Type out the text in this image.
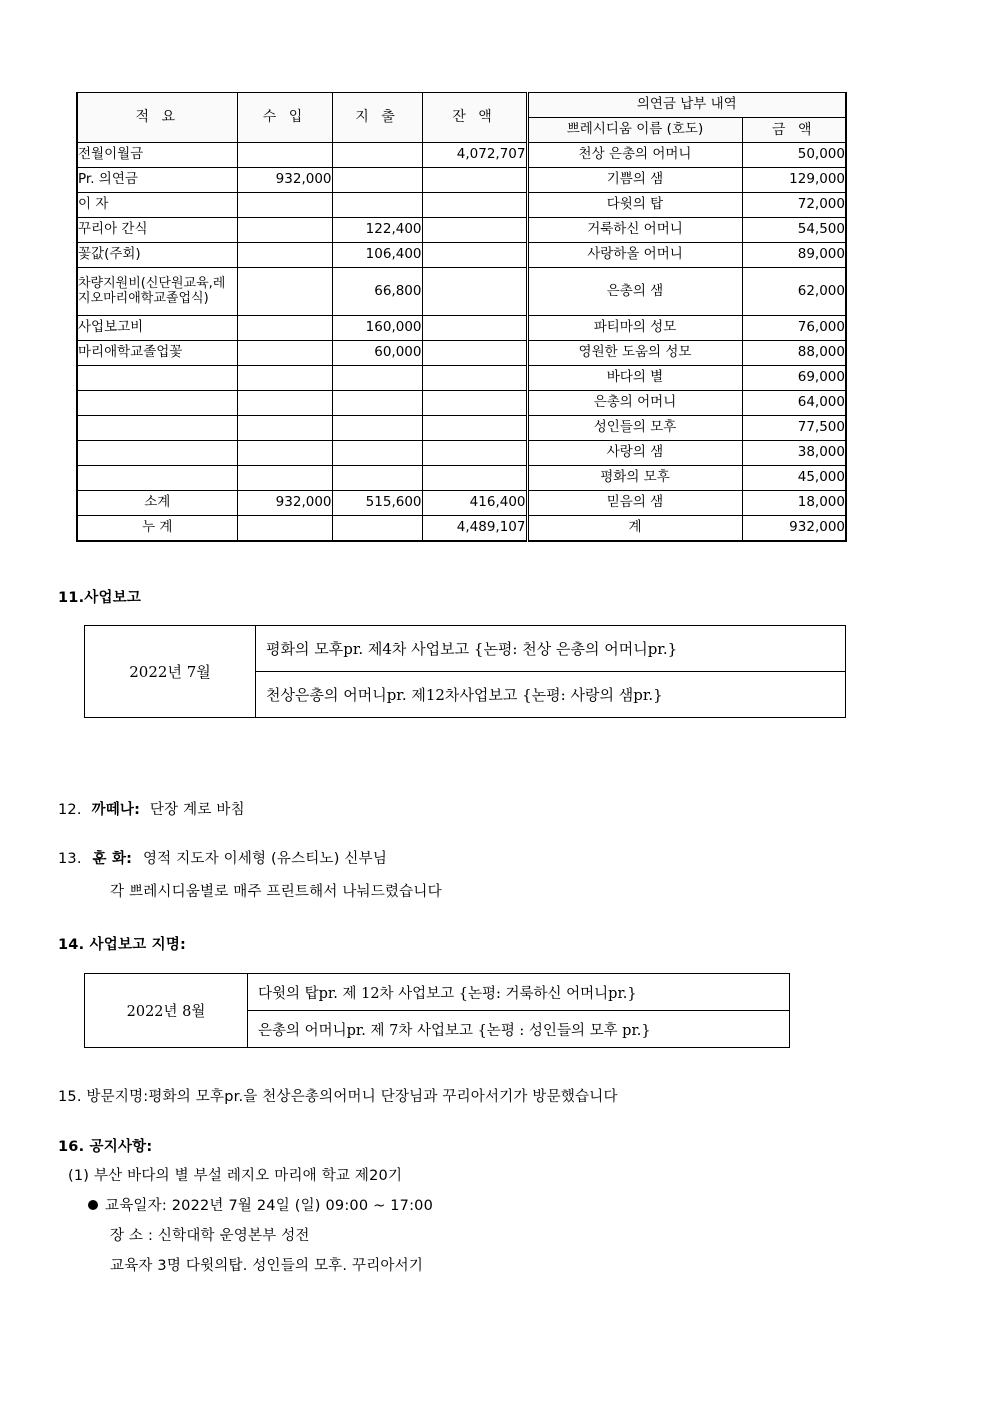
적 요	수 입	지 출	잔 액	의연금 납부 내역	
				쁘레시디움 이름 (호도)	금 액
전월이월금			4,072,707	천상 은총의 어머니	50,000
Pr. 의연금	932,000			기쁨의 샘	129,000
이 자				다윗의 탑	72,000
꾸리아 간식		122,400		거룩하신 어머니	54,500
꽃값(주회)		106,400		사랑하올 어머니	89,000
차량지원비(신단원교육,레지오마리애학교졸업식)		66,800		은총의 샘	62,000
사업보고비		160,000		파티마의 성모	76,000
마리애학교졸업꽃		60,000		영원한 도움의 성모	88,000
				바다의 별	69,000
				은총의 어머니	64,000
				성인들의 모후	77,500
				사랑의 샘	38,000
				평화의 모후	45,000
소계	932,000	515,600	416,400	믿음의 샘	18,000
누 계			4,489,107	계	932,000
11.사업보고
2022년 7월	평화의 모후pr. 제4차 사업보고 {논평: 천상 은총의 어머니pr.}
천상은총의 어머니pr. 제12차사업보고 {논평: 사랑의 샘pr.}
12. 까떼나: 단장 계로 바침
13. 훈 화: 영적 지도자 이세형 (유스티노) 신부님
각 쁘레시디움별로 매주 프린트해서 나눠드렸습니다
14. 사업보고 지명:
2022년 8월	다윗의 탑pr. 제 12차 사업보고 {논평: 거룩하신 어머니pr.}
은총의 어머니pr. 제 7차 사업보고 {논평 : 성인들의 모후 pr.}
15. 방문지명:평화의 모후pr.을 천상은총의어머니 단장님과 꾸리아서기가 방문했습니다
16. 공지사항:
(1) 부산 바다의 별 부설 레지오 마리애 학교 제20기
교육일자: 2022년 7월 24일 (일) 09:00 ~ 17:00
장 소 : 신학대학 운영본부 성전
교육자 3명 다윗의탑. 성인들의 모후. 꾸리아서기
